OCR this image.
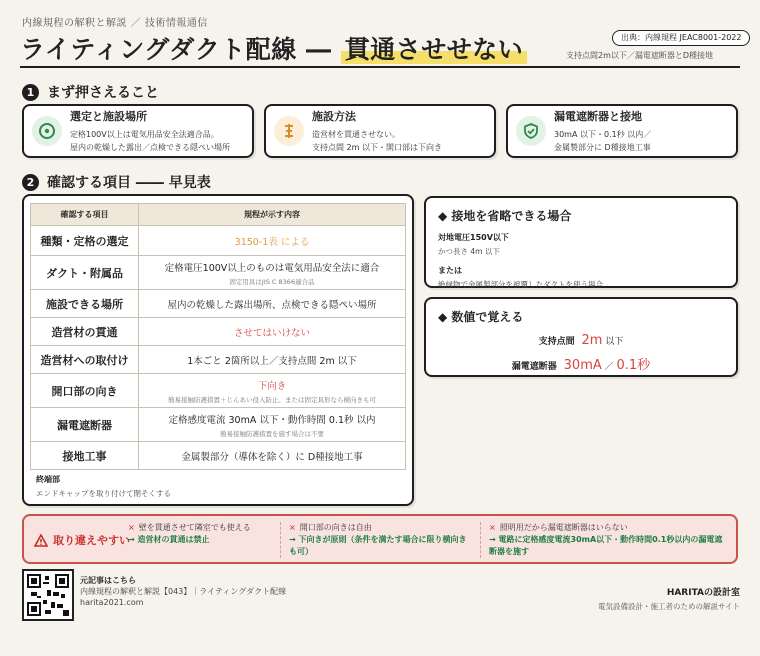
内線規程の解釈と解説 ／ 技術情報通信
ライティングダクト配線 ― 貫通させせない	出典：内線規程 JEAC8001-2022
支持点間2m以下／漏電遮断器とD種接地
1 まず押さえること
選定と施設場所
定格100V以上は電気用品安全法適合品。
屋内の乾燥した露出／点検できる隠ぺい場所
施設方法
造営材を貫通させない。
支持点間 2m 以下・開口部は下向き
漏電遮断器と接地
30mA 以下・0.1秒 以内／
金属製部分に D種接地工事
2 確認する項目 ―― 早見表
確認する項目	規程が示す内容
種類・定格の選定	3150-1表 による
ダクト・附属品	定格電圧100V以上のものは電気用品安全法に適合
固定用具はJIS C 8366適合品

施設できる場所	屋内の乾燥した露出場所、点検できる隠ぺい場所
造営材の貫通	させてはいけない
造営材への取付け	1本ごと 2箇所以上／支持点間 2m 以下
開口部の向き	下向き
簡易接触防護措置＋じんあい侵入防止、または固定具形なら横向きも可

漏電遮断器	定格感度電流 30mA 以下・動作時間 0.1秒 以内
簡易接触防護措置を施す場合は不要

接地工事	金属製部分（導体を除く）に D種接地工事
終端部
エンドキャップを取り付けて閉そくする
◆ 接地を省略できる場合
対地電圧150V以下
かつ長さ 4m 以下
または
絶縁物で金属製部分を被覆したダクトを使う場合
◆ 数値で覚える
支持点間 2m 以下
漏電遮断器 30mA ／ 0.1秒
取り違えやすい
× 壁を貫通させて隣室でも使える
→ 造営材の貫通は禁止
× 開口部の向きは自由
→ 下向きが原則（条件を満たす場合に限り横向きも可）
× 照明用だから漏電遮断器はいらない
→ 電路に定格感度電流30mA以下・動作時間0.1秒以内の漏電遮断器を施す
元記事はこちら
内線規程の解釈と解説【043】｜ライティングダクト配線
harita2021.com
HARITAの設計室
電気設備設計・施工者のための解説サイト
